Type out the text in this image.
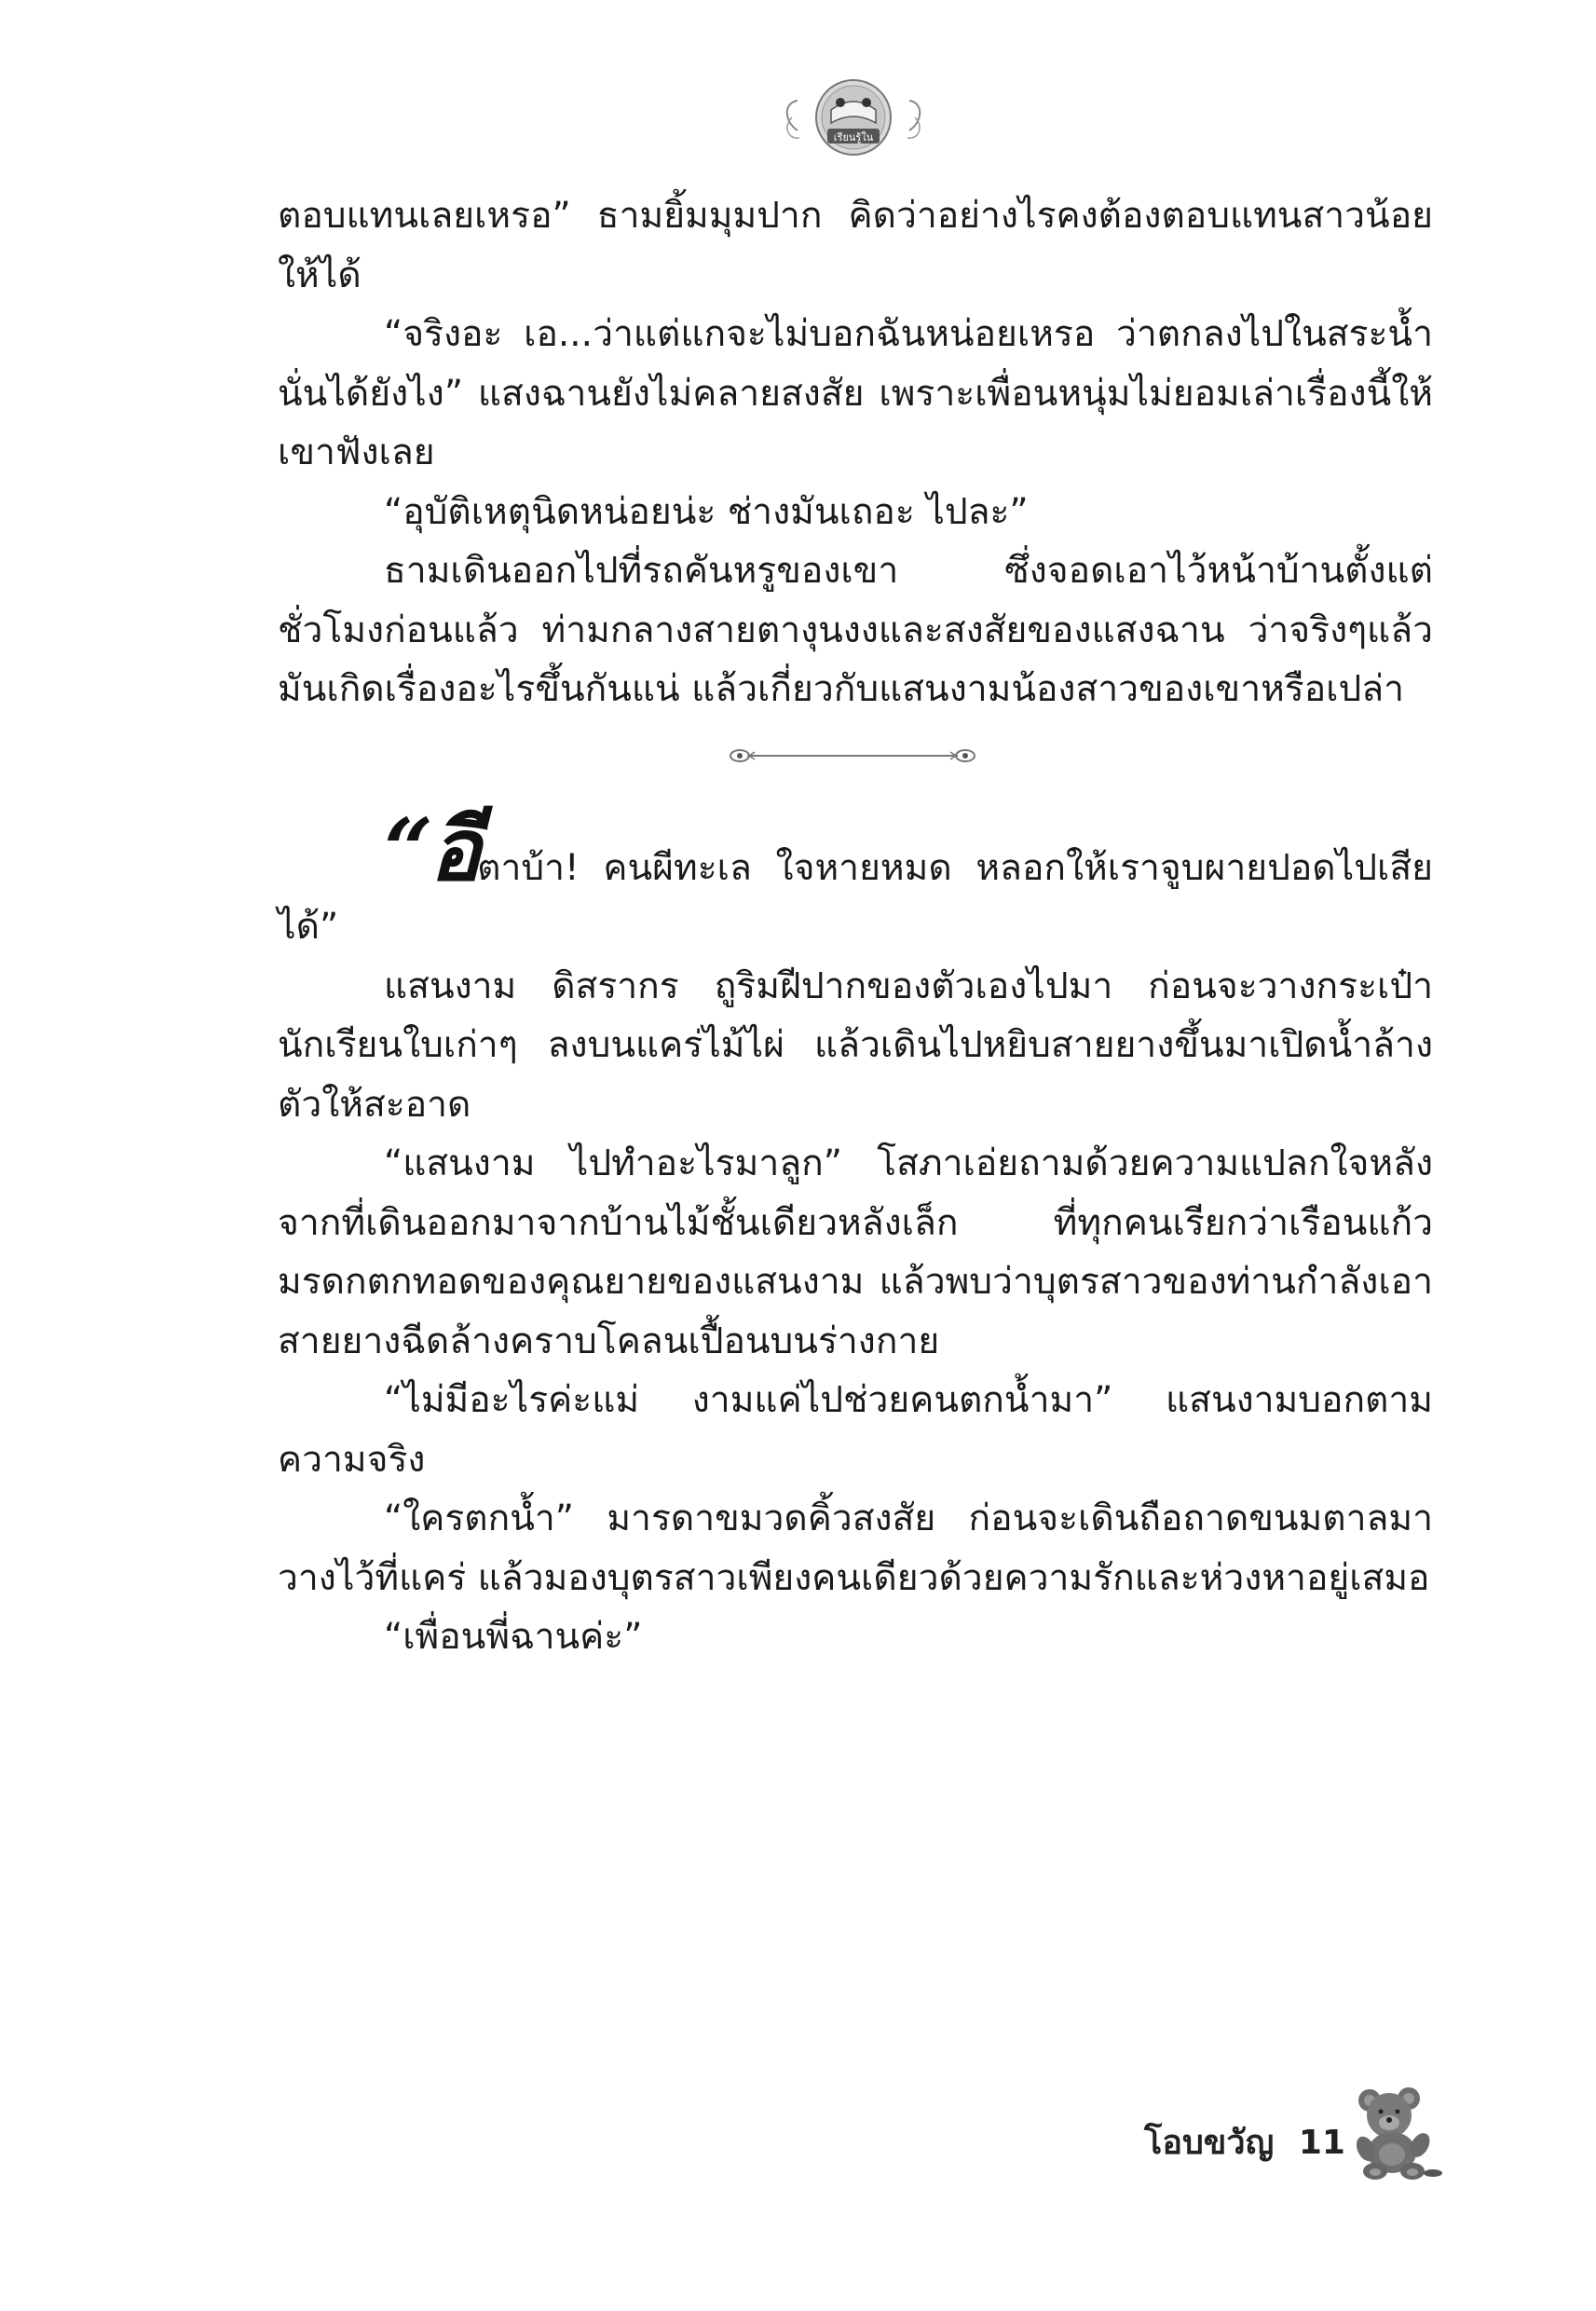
เรียนรู้ใน

ตอบแทนเลยเหรอ” ธามยิ้มมุมปาก คิดว่าอย่างไรคงต้องตอบแทนสาวน้อยให้ได้

“จริงอะ เอ...ว่าแต่แกจะไม่บอกฉันหน่อยเหรอ ว่าตกลงไปในสระน้ำนั่นได้ยังไง” แสงฉานยังไม่คลายสงสัย เพราะเพื่อนหนุ่มไม่ยอมเล่าเรื่องนี้ให้เขาฟังเลย

“อุบัติเหตุนิดหน่อยน่ะ ช่างมันเถอะ ไปละ”

ธามเดินออกไปที่รถคันหรูของเขา ซึ่งจอดเอาไว้หน้าบ้านตั้งแต่ชั่วโมงก่อนแล้ว ท่ามกลางสายตางุนงงและสงสัยของแสงฉาน ว่าจริงๆแล้วมันเกิดเรื่องอะไรขึ้นกันแน่ แล้วเกี่ยวกับแสนงามน้องสาวของเขาหรือเปล่า

“อีตาบ้า! คนผีทะเล ใจหายหมด หลอกให้เราจูบผายปอดไปเสียได้”

แสนงาม ดิสรากร ถูริมฝีปากของตัวเองไปมา ก่อนจะวางกระเป๋านักเรียนใบเก่าๆ ลงบนแคร่ไม้ไผ่ แล้วเดินไปหยิบสายยางขึ้นมาเปิดน้ำล้างตัวให้สะอาด

“แสนงาม ไปทำอะไรมาลูก” โสภาเอ่ยถามด้วยความแปลกใจหลังจากที่เดินออกมาจากบ้านไม้ชั้นเดียวหลังเล็ก ที่ทุกคนเรียกว่าเรือนแก้ว มรดกตกทอดของคุณยายของแสนงาม แล้วพบว่าบุตรสาวของท่านกำลังเอาสายยางฉีดล้างคราบโคลนเปื้อนบนร่างกาย

“ไม่มีอะไรค่ะแม่ งามแค่ไปช่วยคนตกน้ำมา” แสนงามบอกตามความจริง

“ใครตกน้ำ” มารดาขมวดคิ้วสงสัย ก่อนจะเดินถือถาดขนมตาลมาวางไว้ที่แคร่ แล้วมองบุตรสาวเพียงคนเดียวด้วยความรักและห่วงหาอยู่เสมอ

“เพื่อนพี่ฉานค่ะ”

โอบขวัญ 11
